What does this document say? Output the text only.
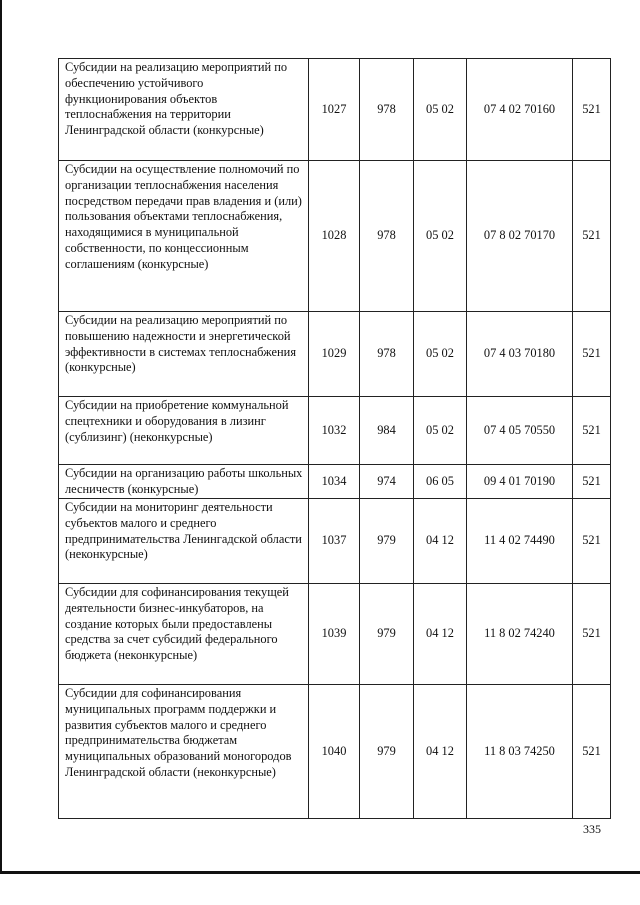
Субсидии на реализацию мероприятий по обеспечению устойчивого функционирования объектов теплоснабжения на территории Ленинградской области (конкурсные)	1027	978	05 02	07 4 02 70160	521
Субсидии на осуществление полномочий по организации теплоснабжения населения посредством передачи прав владения и (или) пользования объектами теплоснабжения, находящимися в муниципальной собственности, по концессионным соглашениям (конкурсные)	1028	978	05 02	07 8 02 70170	521
Субсидии на реализацию мероприятий по повышению надежности и энергетической эффективности в системах теплоснабжения (конкурсные)	1029	978	05 02	07 4 03 70180	521
Субсидии на приобретение коммунальной спецтехники и оборудования в лизинг (сублизинг) (неконкурсные)	1032	984	05 02	07 4 05 70550	521
Субсидии на организацию работы школьных лесничеств (конкурсные)	1034	974	06 05	09 4 01 70190	521
Субсидии на мониторинг деятельности субъектов малого и среднего предпринимательства Ленингадской области (неконкурсные)	1037	979	04 12	11 4 02 74490	521
Субсидии для софинансирования текущей деятельности бизнес-инкубаторов, на создание которых были предоставлены средства за счет субсидий федерального бюджета (неконкурсные)	1039	979	04 12	11 8 02 74240	521
Субсидии для софинансирования муниципальных программ поддержки и развития субъектов малого и среднего предпринимательства бюджетам муниципальных образований моногородов Ленинградской области (неконкурсные)	1040	979	04 12	11 8 03 74250	521
335
